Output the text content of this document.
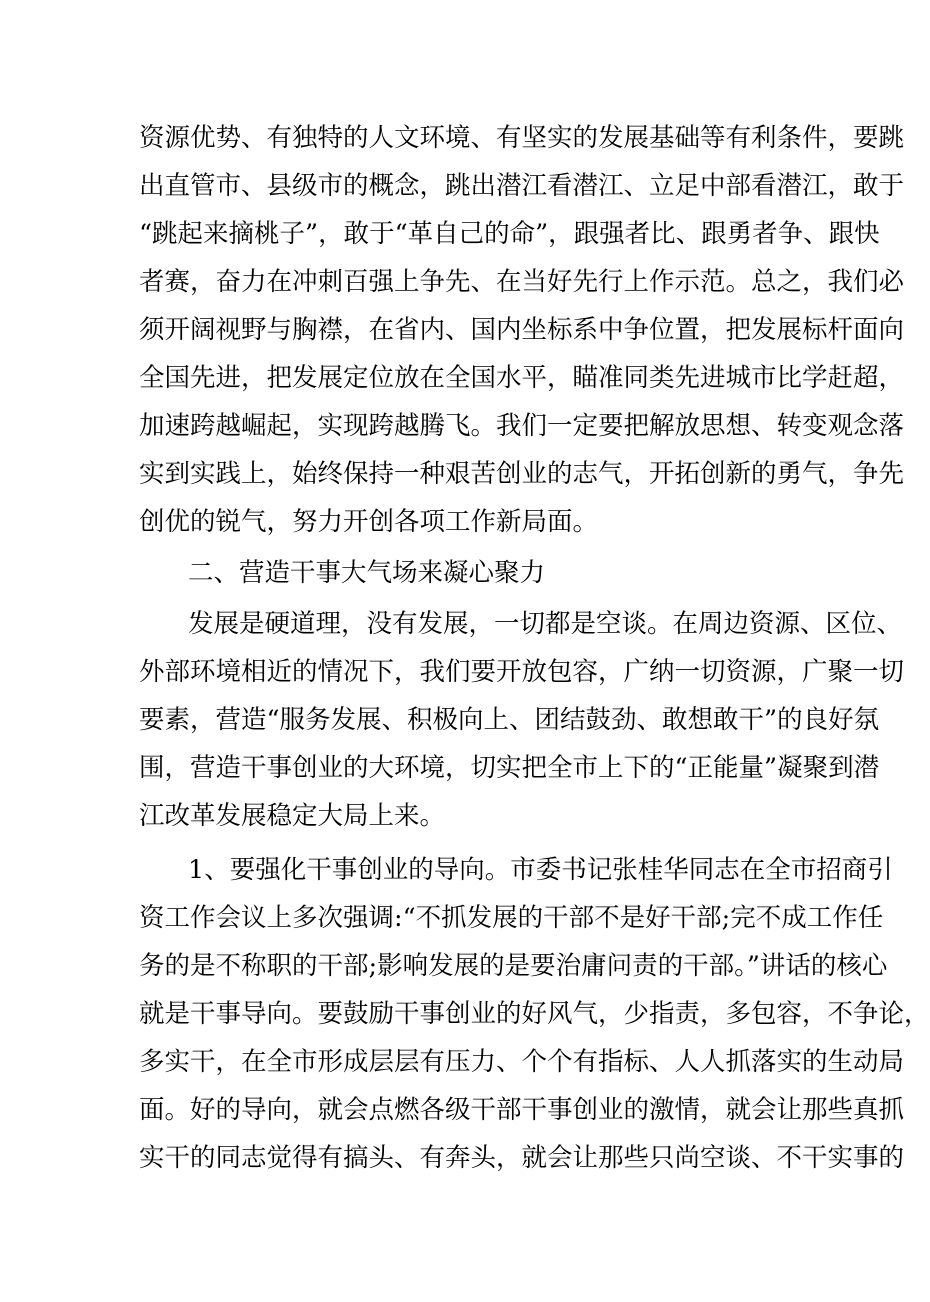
资源优势、有独特的人文环境、有坚实的发展基础等有利条件，要跳
出直管市、县级市的概念，跳出潜江看潜江、立足中部看潜江，敢于
“跳起来摘桃子”，敢于“革自己的命”，跟强者比、跟勇者争、跟快
者赛，奋力在冲刺百强上争先、在当好先行上作示范。总之，我们必
须开阔视野与胸襟，在省内、国内坐标系中争位置，把发展标杆面向
全国先进，把发展定位放在全国水平，瞄准同类先进城市比学赶超，
加速跨越崛起，实现跨越腾飞。我们一定要把解放思想、转变观念落
实到实践上，始终保持一种艰苦创业的志气，开拓创新的勇气，争先
创优的锐气，努力开创各项工作新局面。
二、营造干事大气场来凝心聚力
发展是硬道理，没有发展，一切都是空谈。在周边资源、区位、
外部环境相近的情况下，我们要开放包容，广纳一切资源，广聚一切
要素，营造“服务发展、积极向上、团结鼓劲、敢想敢干”的良好氛
围，营造干事创业的大环境，切实把全市上下的“正能量”凝聚到潜
江改革发展稳定大局上来。
1、要强化干事创业的导向。市委书记张桂华同志在全市招商引
资工作会议上多次强调:“不抓发展的干部不是好干部;完不成工作任
务的是不称职的干部;影响发展的是要治庸问责的干部。”讲话的核心
就是干事导向。要鼓励干事创业的好风气，少指责，多包容，不争论，
多实干，在全市形成层层有压力、个个有指标、人人抓落实的生动局
面。好的导向，就会点燃各级干部干事创业的激情，就会让那些真抓
实干的同志觉得有搞头、有奔头，就会让那些只尚空谈、不干实事的
